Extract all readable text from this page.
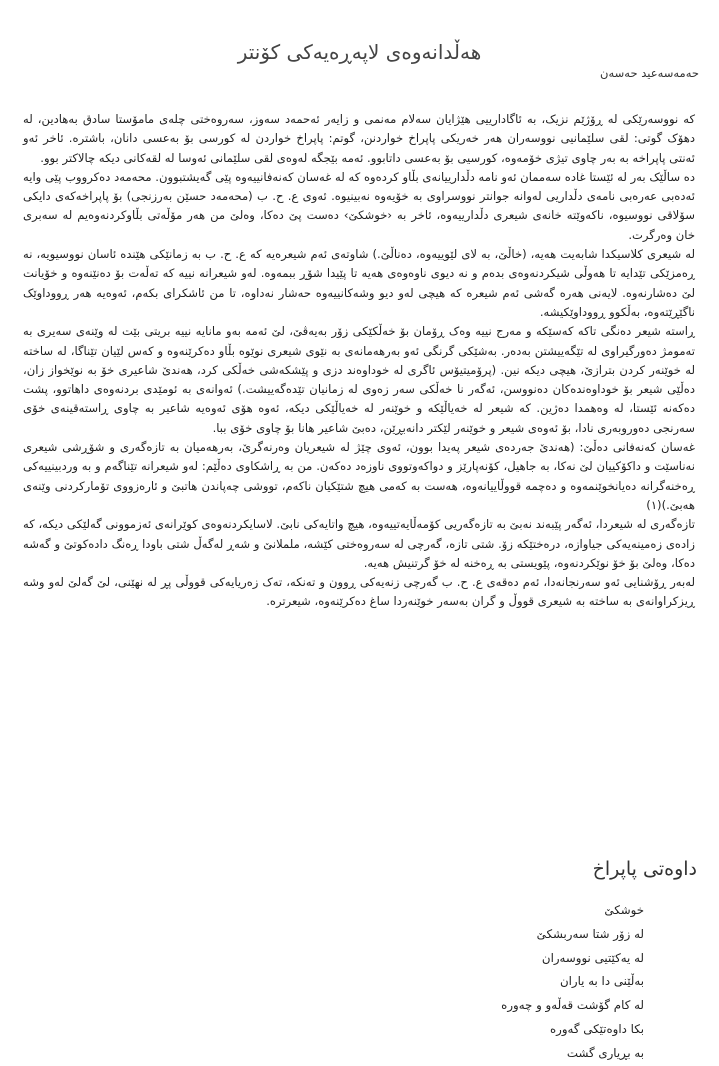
هەڵدانەوەی لاپەڕەیەکی کۆنتر
حەمەسەعید حەسەن

کە نووسەرێکی لە ڕۆژێم نزیک، بە ئاگادارییی هێژایان سەلام مەنمی و زایەر ئەحمەد سەوز، سەروەختی چلەی مامۆستا سادق بەهادین، لە دهۆک گوتی: لقی سلێمانیی نووسەران هەر خەریکی پاپراخ خواردنن، گوتم: پاپراخ خواردن لە کورسی بۆ بەعسی دانان، باشترە. ئاخر ئەو ئەنتی پاپراخە بە بەر چاوی تیژی خۆمەوە، کورسیی بۆ بەعسی داتابوو. ئەمە بێجگە لەوەی لقی سلێمانی ئەوسا لە لقەکانی دیکە چالاکتر بوو.

دە ساڵێک بەر لە ئێستا غادە سەممان ئەو نامە دڵدارییانەی بڵاو کردەوە کە لە غەسان کەنەفانییەوە پێی گەیشتبوون. محەمەد دەکرووب پێی وایە ئەدەبی عەرەبی نامەی دڵداریی لەوانە جوانتر نووسراوی بە خۆیەوە نەبینیوە. ئەوی ع. ح. ب (محەمەد حسێن بەرزنجی) بۆ پاپراخەکەی دایکی سۆلاقی نووسیوە، ناکەوێتە خانەی شیعری دڵدارییەوە، ئاخر بە ‹خوشکێ› دەست پێ دەکا، وەلێ من هەر مۆڵەتی بڵاوکردنەوەیم لە سەبری خان وەرگرت.

لە شیعری کلاسیکدا شابەیت هەیە، (خاڵێ، بە لای لێوییەوە، دەناڵێ.) شاوتەی ئەم شیعرەیە کە ع. ح. ب بە زمانێکی هێندە ئاسان نووسیویە، نە ڕەمزێکی تێدایە تا هەوڵی شیکردنەوەی بدەم و نە دیوی ناوەوەی هەیە تا پێیدا شۆڕ ببمەوە. لەو شیعرانە نییە کە تەڵەت بۆ دەنێنەوە و خۆیانت لێ دەشارنەوە. لایەنی هەرە گەشی ئەم شیعرە کە هیچی لەو دیو وشەکانییەوە حەشار نەداوە، تا من ئاشکرای بکەم، ئەوەیە هەر ڕووداوێک ناگێڕێتەوە، بەڵکوو ڕووداوێکیشە.

ڕاستە شیعر دەنگی تاکە کەسێکە و مەرج نییە وەک ڕۆمان بۆ خەڵکێکی زۆر بەیەڤێ، لێ ئەمە بەو مانایە نییە بریتی بێت لە وێنەی سەیری بە تەمومژ دەورگیراوی لە تێگەییشتن بەدەر. بەشێکی گرنگی ئەو بەرهەمانەی بە نێوی شیعری نوێوە بڵاو دەکرێنەوە و کەس لێیان تێناگا، لە ساختە لە خوێنەر کردن بترازێ، هیچی دیکە نین. (پرۆمیتیۆس ئاگری لە خوداوەند دزی و پێشکەشی خەڵکی کرد، هەندێ شاعیری خۆ بە نوێخواز زان، دەڵێی شیعر بۆ خوداوەندەکان دەنووسن، ئەگەر نا خەڵکی سەر زەوی لە زمانیان تێدەگەییشت.) ئەوانەی بە ئومێدی بردنەوەی داهاتوو، پشت دەکەنە ئێستا، لە وەهمدا دەژین. کە شیعر لە خەیاڵێکە و خوێنەر لە خەیاڵێکی دیکە، ئەوە هۆی ئەوەیە شاعیر بە چاوی ڕاستەقینەی خۆی سەرنجی دەوروبەری نادا، بۆ ئەوەی شیعر و خوێنەر لێکتر دانەبڕێن، دەبێ شاعیر هانا بۆ چاوی خۆی ببا.

غەسان کەنەفانی دەڵێ: (هەندێ جەردەی شیعر پەیدا بوون، ئەوی چێژ لە شیعریان وەرنەگرێ، بەرهەمیان بە تازەگەری و شۆڕشی شیعری نەناسێت و داکۆکییان لێ نەکا، بە جاهیل، کۆنەپارێز و دواکەوتووی ناوزەد دەکەن. من بە ڕاشکاوی دەڵێم: لەو شیعرانە تێناگەم و بە وردبینییەکی ڕەخنەگرانە دەیانخوێنمەوە و دەچمە قووڵاییانەوە، هەست بە کەمی هیچ شتێکیان ناکەم، تووشی چەپاندن هاتبێ و ئارەزووی تۆمارکردنی وێنەی هەبێ.)(١)

تازەگەری لە شیعردا، ئەگەر پێبەند نەبێ بە تازەگەریی کۆمەڵایەتییەوە، هیچ واتایەکی نابێ. لاسایکردنەوەی کوێرانەی ئەزموونی گەلێکی دیکە، کە زادەی زەمینەیەکی جیاوازە، درەختێکە زۆ. شتی تازە، گەرچی لە سەروەختی کێشە، ململانێ و شەڕ لەگەڵ شتی باودا ڕەنگ دادەکوتێ و گەشە دەکا، وەلێ بۆ خۆ نوێکردنەوە، پێویستی بە ڕەخنە لە خۆ گرتنیش هەیە.

لەبەر ڕۆشنایی ئەو سەرنجانەدا، ئەم دەقەی ع. ح. ب گەرچی زنەیەکی ڕوون و تەنکە، تەک زەریایەکی قووڵی پڕ لە نهێنی، لێ گەلێ لەو وشە ڕیزکراوانەی بە ساختە بە شیعری قووڵ و گران بەسەر خوێنەردا ساغ دەکرێنەوە، شیعرترە.

داوەتی پاپراخ
خوشکێ
لە زۆر شتا سەربشکێ
لە یەکێتیی نووسەران
بەڵێنی دا بە یاران
لە کام گۆشت قەڵەو و چەورە
بکا داوەتێکی گەورە
بە بڕیاری گشت
